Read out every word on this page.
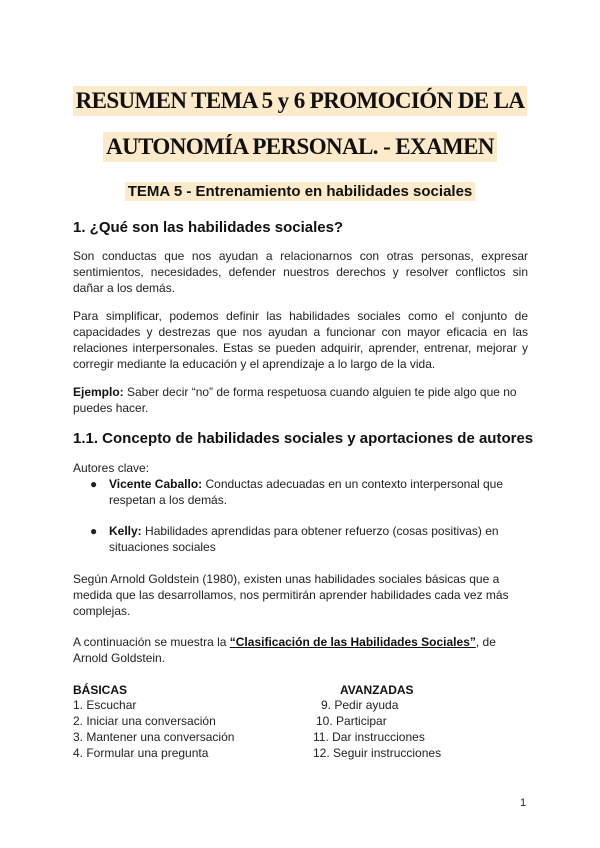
RESUMEN TEMA 5 y 6 PROMOCIÓN DE LA
AUTONOMÍA PERSONAL. - EXAMEN
TEMA 5 - Entrenamiento en habilidades sociales
1. ¿Qué son las habilidades sociales?
Son conductas que nos ayudan a relacionarnos con otras personas, expresar sentimientos, necesidades, defender nuestros derechos y resolver conflictos sin dañar a los demás.
Para simplificar, podemos definir las habilidades sociales como el conjunto de capacidades y destrezas que nos ayudan a funcionar con mayor eficacia en las relaciones interpersonales. Estas se pueden adquirir, aprender, entrenar, mejorar y corregir mediante la educación y el aprendizaje a lo largo de la vida.
Ejemplo: Saber decir “no” de forma respetuosa cuando alguien te pide algo que no puedes hacer.
1.1. Concepto de habilidades sociales y aportaciones de autores
Autores clave:
● Vicente Caballo: Conductas adecuadas en un contexto interpersonal que respetan a los demás.
● Kelly: Habilidades aprendidas para obtener refuerzo (cosas positivas) en situaciones sociales
Según Arnold Goldstein (1980), existen unas habilidades sociales básicas que a medida que las desarrollamos, nos permitirán aprender habilidades cada vez más complejas.
A continuación se muestra la “Clasificación de las Habilidades Sociales”, de Arnold Goldstein.
BÁSICAS	AVANZADAS
1. Escuchar
2. Iniciar una conversación
3. Mantener una conversación
4. Formular una pregunta
9. Pedir ayuda
10. Participar
11. Dar instrucciones
12. Seguir instrucciones
1
